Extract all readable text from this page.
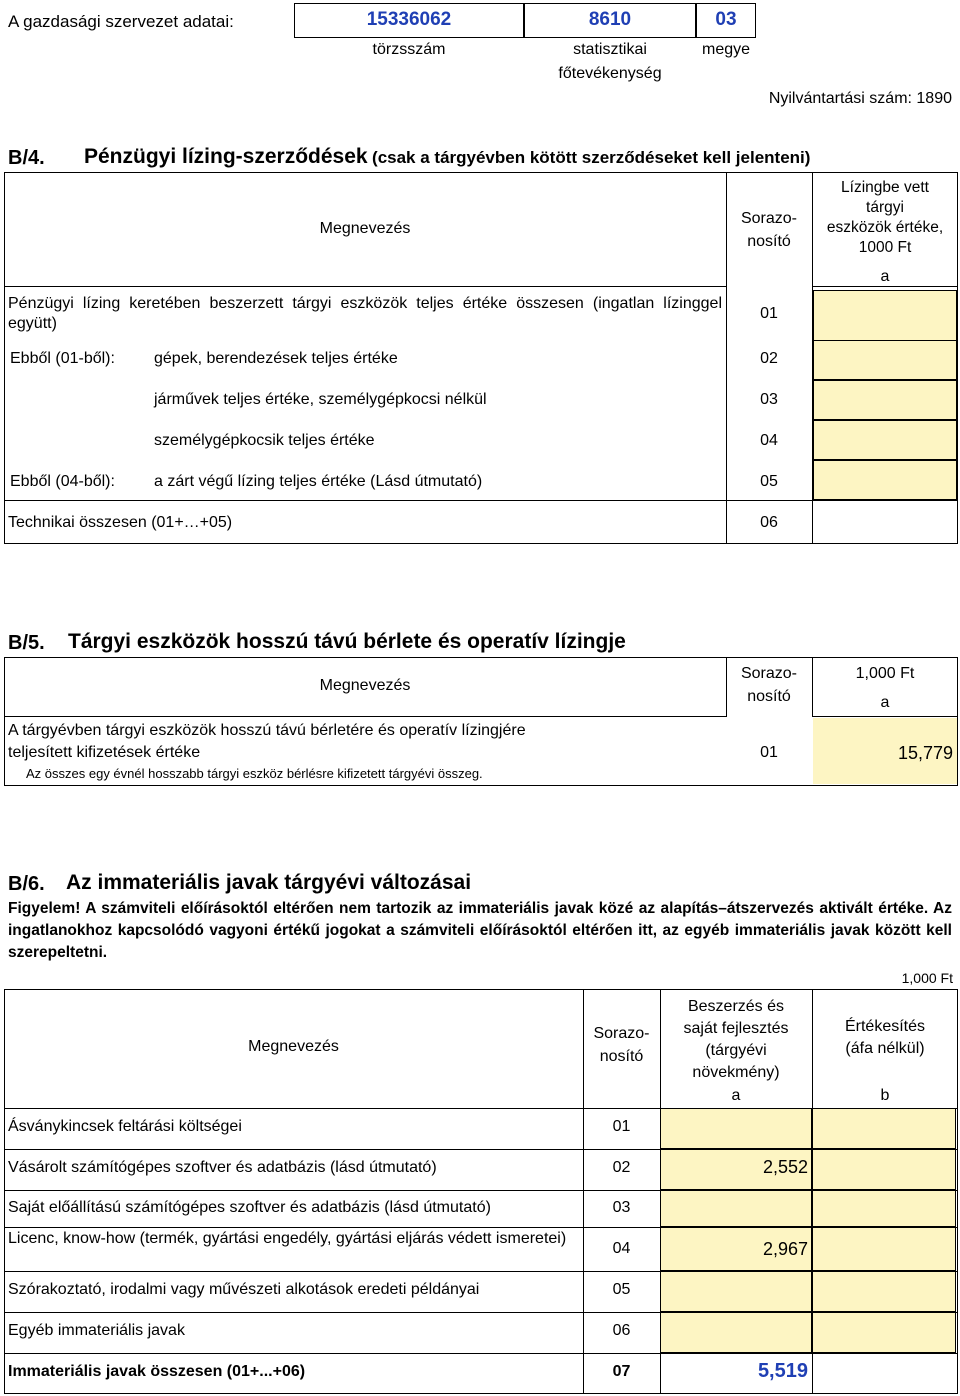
A gazdasági szervezet adatai:	15336062	8610	03
törzsszám	statisztikai
főtevékenység
megye
Nyilvántartási szám: 1890
B/4. Pénzügyi lízing-szerződések (csak a tárgyévben kötött szerződéseket kell jelenteni)
Megnevezés
Sorazo-
nosító
Lízingbe vett
tárgyi
eszközök értéke,
1000 Ft
a
Pénzügyi lízing keretében beszerzett tárgyi eszközök teljes értéke összesen (ingatlan lízinggel együtt)
01
Ebből (01-ből): gépek, berendezések teljes értéke	02
járművek teljes értéke, személygépkocsi nélkül	03
személygépkocsik teljes értéke	04
Ebből (04-ből): a zárt végű lízing teljes értéke (Lásd útmutató)	05
Technikai összesen (01+…+05)	06
B/5. Tárgyi eszközök hosszú távú bérlete és operatív lízingje
Megnevezés
Sorazo-
nosító
1,000 Ft
a
A tárgyévben tárgyi eszközök hosszú távú bérletére és operatív lízingjére
teljesített kifizetések értéke
Az összes egy évnél hosszabb tárgyi eszköz bérlésre kifizetett tárgyévi összeg.
01	15,779
B/6. Az immateriális javak tárgyévi változásai
Figyelem! A számviteli előírásoktól eltérően nem tartozik az immateriális javak közé az alapítás–átszervezés aktivált értéke. Az ingatlanokhoz kapcsolódó vagyoni értékű jogokat a számviteli előírásoktól eltérően itt, az egyéb immateriális javak között kell szerepeltetni.
1,000 Ft
Megnevezés
Sorazo-
nosító
Beszerzés és
saját fejlesztés
(tárgyévi
növekmény)
Értékesítés
(áfa nélkül)
a	b
Ásványkincsek feltárási költségei	01
Vásárolt számítógépes szoftver és adatbázis (lásd útmutató)	02	2,552
Saját előállítású számítógépes szoftver és adatbázis (lásd útmutató)	03
Licenc, know-how (termék, gyártási engedély, gyártási eljárás védett ismeretei)
04	2,967
Szórakoztató, irodalmi vagy művészeti alkotások eredeti példányai	05
Egyéb immateriális javak	06
Immateriális javak összesen (01+...+06)	07	5,519
